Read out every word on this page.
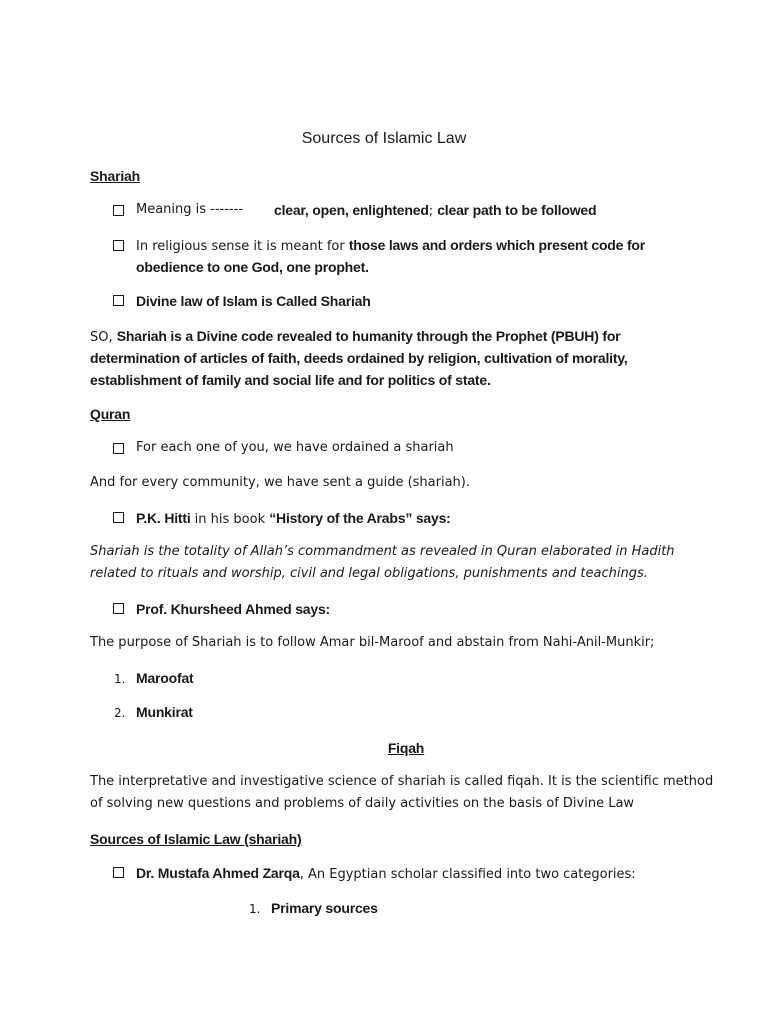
Sources of Islamic Law
Shariah
Meaning is ------- clear, open, enlightened; clear path to be followed
In religious sense it is meant for those laws and orders which present code for
obedience to one God, one prophet.
Divine law of Islam is Called Shariah
SO, Shariah is a Divine code revealed to humanity through the Prophet (PBUH) for
determination of articles of faith, deeds ordained by religion, cultivation of morality,
establishment of family and social life and for politics of state.
Quran
For each one of you, we have ordained a shariah
And for every community, we have sent a guide (shariah).
P.K. Hitti in his book “History of the Arabs” says:
Shariah is the totality of Allah’s commandment as revealed in Quran elaborated in Hadith
related to rituals and worship, civil and legal obligations, punishments and teachings.
Prof. Khursheed Ahmed says:
The purpose of Shariah is to follow Amar bil-Maroof and abstain from Nahi-Anil-Munkir;
1. Maroofat
2. Munkirat
Fiqah
The interpretative and investigative science of shariah is called fiqah. It is the scientific method
of solving new questions and problems of daily activities on the basis of Divine Law
Sources of Islamic Law (shariah)
Dr. Mustafa Ahmed Zarqa, An Egyptian scholar classified into two categories:
1. Primary sources
